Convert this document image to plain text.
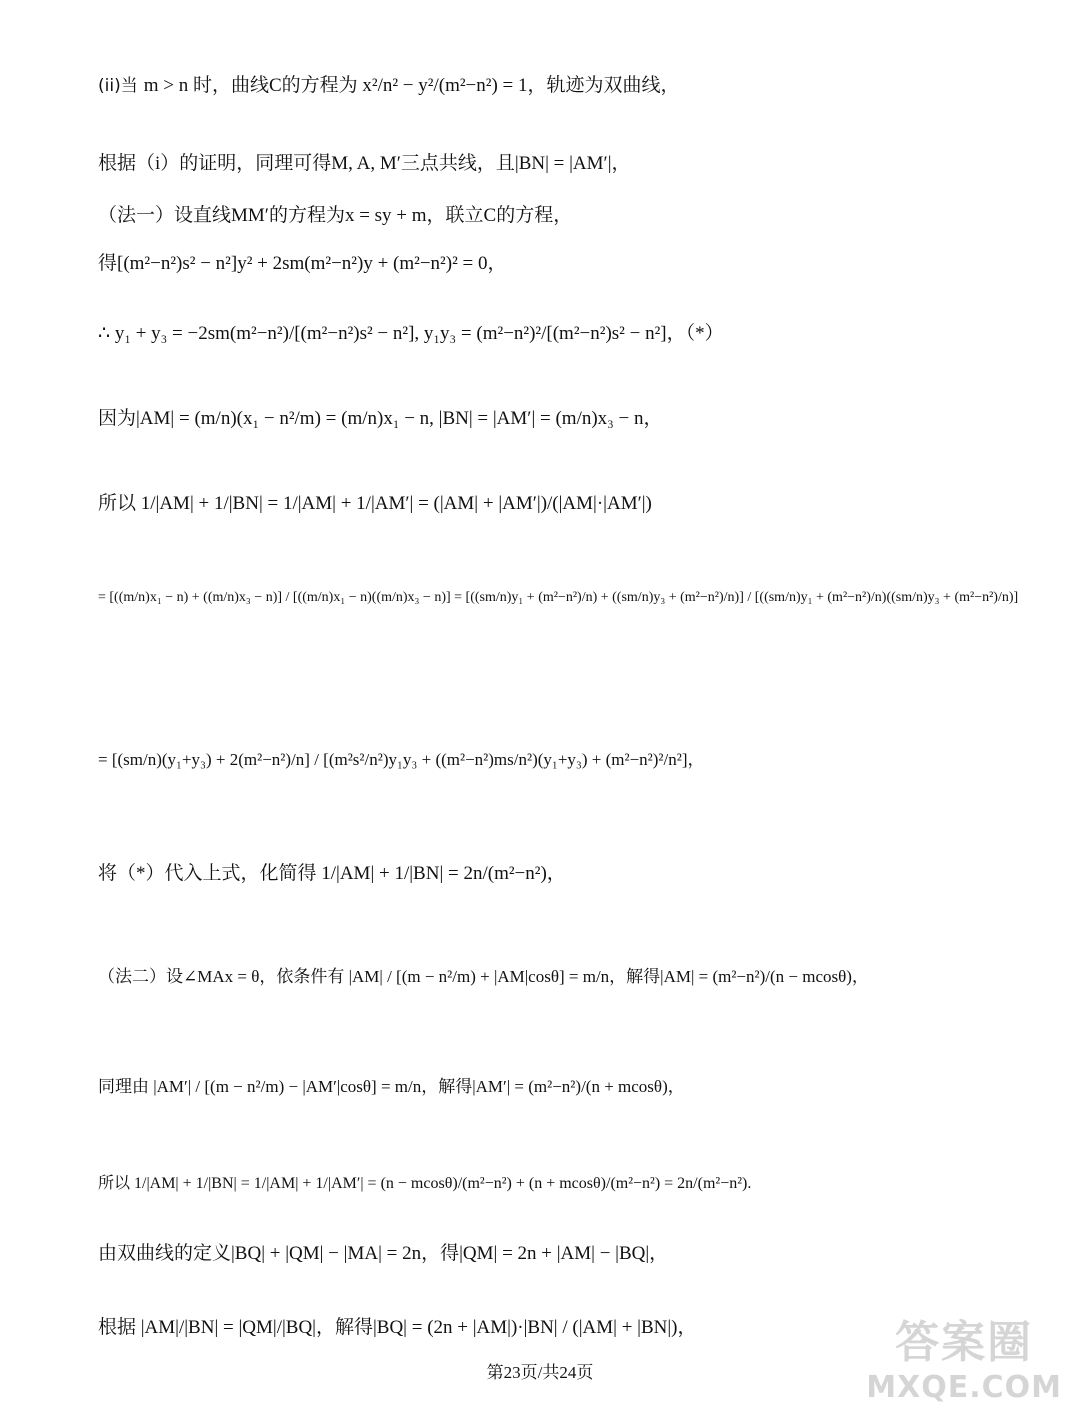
(ii)当 m > n 时，曲线C的方程为 x²/n² − y²/(m²−n²) = 1，轨迹为双曲线，
根据（i）的证明，同理可得M, A, M′三点共线，且|BN| = |AM′|，
（法一）设直线MM′的方程为x = sy + m，联立C的方程，
得[(m²−n²)s² − n²]y² + 2sm(m²−n²)y + (m²−n²)² = 0，
∴ y₁ + y₃ = −2sm(m²−n²)/[(m²−n²)s² − n²], y₁y₃ = (m²−n²)²/[(m²−n²)s² − n²]，（*）
因为|AM| = (m/n)(x₁ − n²/m) = (m/n)x₁ − n, |BN| = |AM′| = (m/n)x₃ − n，
所以 1/|AM| + 1/|BN| = 1/|AM| + 1/|AM′| = (|AM| + |AM′|)/(|AM|·|AM′|)
= [((m/n)x₁ − n) + ((m/n)x₃ − n)] / [((m/n)x₁ − n)((m/n)x₃ − n)] = [((sm/n)y₁ + (m²−n²)/n) + ((sm/n)y₃ + (m²−n²)/n)] / [((sm/n)y₁ + (m²−n²)/n)((sm/n)y₃ + (m²−n²)/n)]
= [(sm/n)(y₁+y₃) + 2(m²−n²)/n] / [(m²s²/n²)y₁y₃ + ((m²−n²)ms/n²)(y₁+y₃) + (m²−n²)²/n²]，
将（*）代入上式，化简得 1/|AM| + 1/|BN| = 2n/(m²−n²)，
（法二）设∠MAx = θ，依条件有 |AM| / [(m − n²/m) + |AM|cosθ] = m/n，解得|AM| = (m²−n²)/(n − mcosθ)，
同理由 |AM′| / [(m − n²/m) − |AM′|cosθ] = m/n，解得|AM′| = (m²−n²)/(n + mcosθ)，
所以 1/|AM| + 1/|BN| = 1/|AM| + 1/|AM′| = (n − mcosθ)/(m²−n²) + (n + mcosθ)/(m²−n²) = 2n/(m²−n²).
由双曲线的定义|BQ| + |QM| − |MA| = 2n，得|QM| = 2n + |AM| − |BQ|，
根据 |AM|/|BN| = |QM|/|BQ|，解得|BQ| = (2n + |AM|)·|BN| / (|AM| + |BN|)，
第23页/共24页
答案圈
MXQE.COM
